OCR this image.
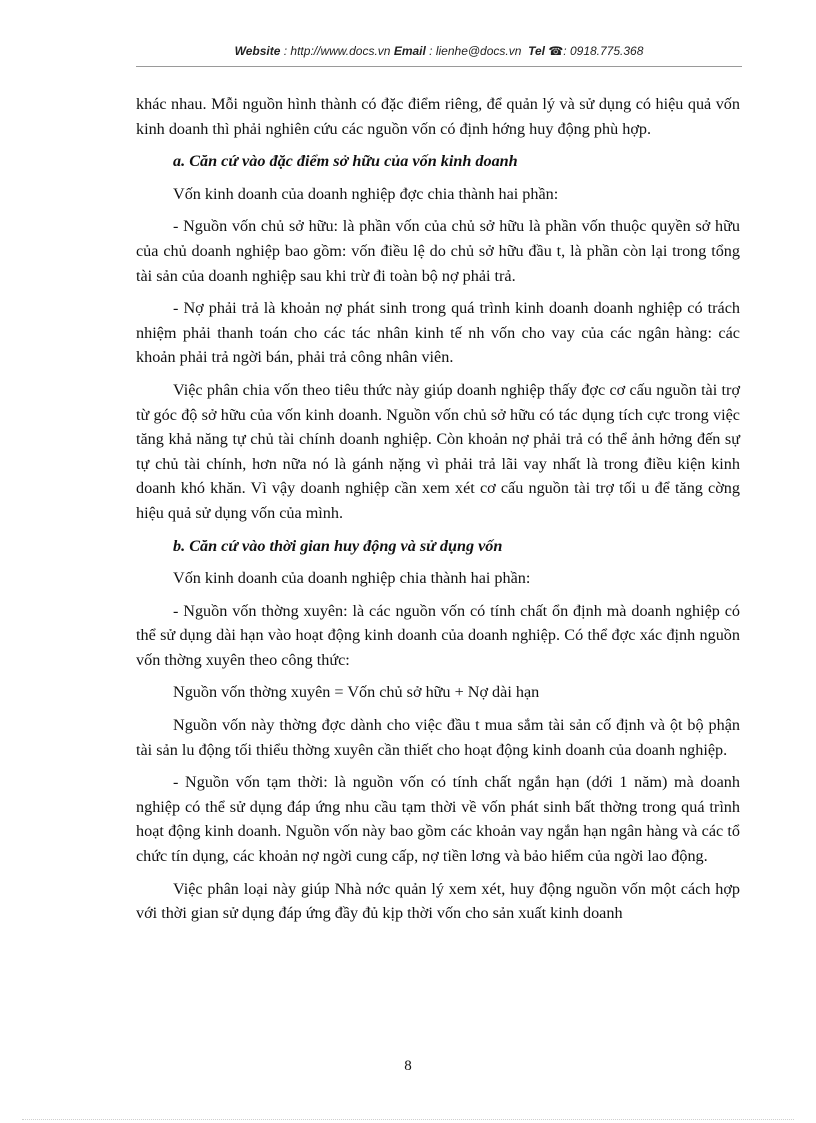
Website : http://www.docs.vn Email : lienhe@docs.vn Tel ☎: 0918.775.368

khác nhau. Mỗi nguồn hình thành có đặc điểm riêng, để quản lý và sử dụng có hiệu quả vốn kinh doanh thì phải nghiên cứu các nguồn vốn có định hớng huy động phù hợp.

a. Căn cứ vào đặc điểm sở hữu của vốn kinh doanh

Vốn kinh doanh của doanh nghiệp đợc chia thành hai phần:

- Nguồn vốn chủ sở hữu: là phần vốn của chủ sở hữu là phần vốn thuộc quyền sở hữu của chủ doanh nghiệp bao gồm: vốn điều lệ do chủ sở hữu đầu t, là phần còn lại trong tổng tài sản của doanh nghiệp sau khi trừ đi toàn bộ nợ phải trả.

- Nợ phải trả là khoản nợ phát sinh trong quá trình kinh doanh doanh nghiệp có trách nhiệm phải thanh toán cho các tác nhân kinh tế nh vốn cho vay của các ngân hàng: các khoản phải trả ngời bán, phải trả công nhân viên.

Việc phân chia vốn theo tiêu thức này giúp doanh nghiệp thấy đợc cơ cấu nguồn tài trợ từ góc độ sở hữu của vốn kinh doanh. Nguồn vốn chủ sở hữu có tác dụng tích cực trong việc tăng khả năng tự chủ tài chính doanh nghiệp. Còn khoản nợ phải trả có thể ảnh hởng đến sự tự chủ tài chính, hơn nữa nó là gánh nặng vì phải trả lãi vay nhất là trong điều kiện kinh doanh khó khăn. Vì vậy doanh nghiệp cần xem xét cơ cấu nguồn tài trợ tối u để tăng cờng hiệu quả sử dụng vốn của mình.

b. Căn cứ vào thời gian huy động và sử dụng vốn

Vốn kinh doanh của doanh nghiệp chia thành hai phần:

- Nguồn vốn thờng xuyên: là các nguồn vốn có tính chất ổn định mà doanh nghiệp có thể sử dụng dài hạn vào hoạt động kinh doanh của doanh nghiệp. Có thể đợc xác định nguồn vốn thờng xuyên theo công thức:

Nguồn vốn thờng xuyên = Vốn chủ sở hữu + Nợ dài hạn

Nguồn vốn này thờng đợc dành cho việc đầu t mua sắm tài sản cố định và ột bộ phận tài sản lu động tối thiểu thờng xuyên cần thiết cho hoạt động kinh doanh của doanh nghiệp.

- Nguồn vốn tạm thời: là nguồn vốn có tính chất ngắn hạn (dới 1 năm) mà doanh nghiệp có thể sử dụng đáp ứng nhu cầu tạm thời về vốn phát sinh bất thờng trong quá trình hoạt động kinh doanh. Nguồn vốn này bao gồm các khoản vay ngắn hạn ngân hàng và các tổ chức tín dụng, các khoản nợ ngời cung cấp, nợ tiền lơng và bảo hiểm của ngời lao động.

Việc phân loại này giúp Nhà nớc quản lý xem xét, huy động nguồn vốn một cách hợp với thời gian sử dụng đáp ứng đầy đủ kịp thời vốn cho sản xuất kinh doanh

8
